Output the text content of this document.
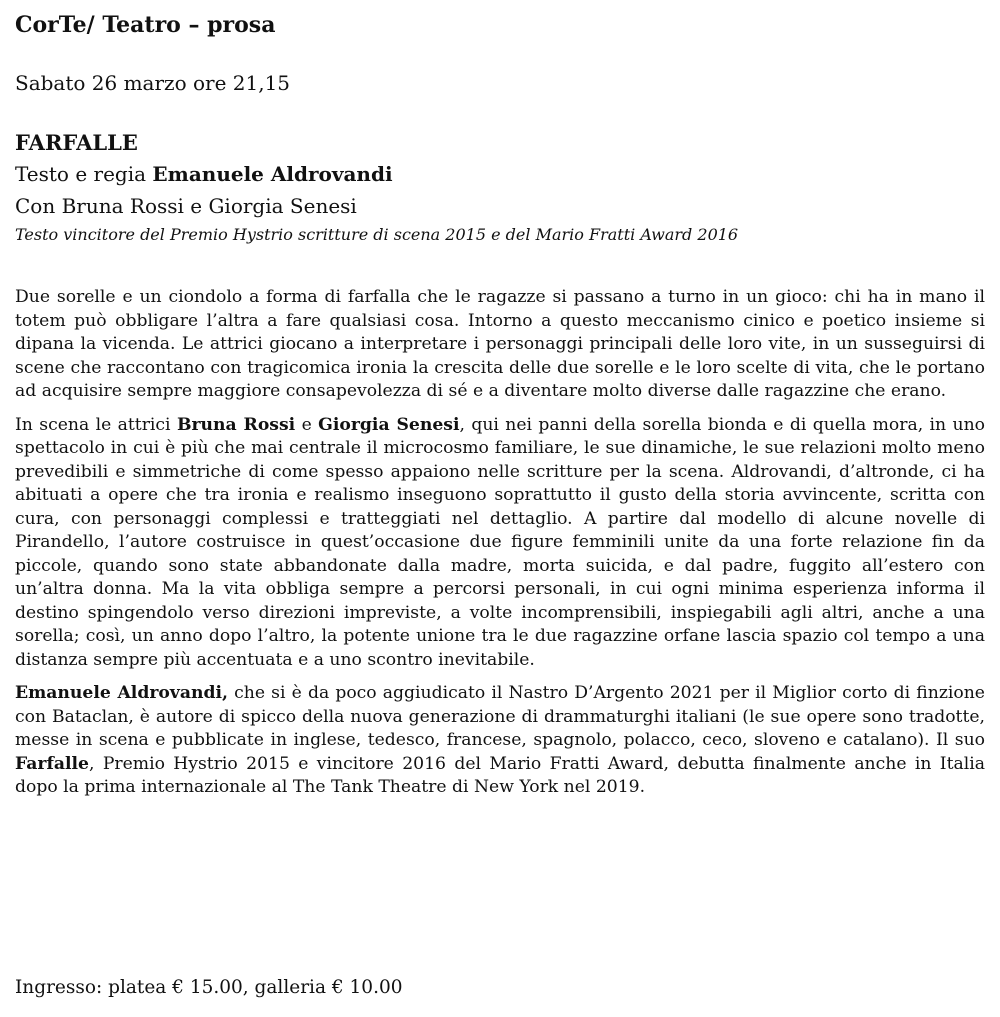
CorTe/ Teatro – prosa
Sabato 26 marzo ore 21,15
FARFALLE
Testo e regia Emanuele Aldrovandi
Con Bruna Rossi e Giorgia Senesi
Testo vincitore del Premio Hystrio scritture di scena 2015 e del Mario Fratti Award 2016

Due sorelle e un ciondolo a forma di farfalla che le ragazze si passano a turno in un gioco: chi ha in mano il totem può obbligare l’altra a fare qualsiasi cosa. Intorno a questo meccanismo cinico e poetico insieme si dipana la vicenda. Le attrici giocano a interpretare i personaggi principali delle loro vite, in un susseguirsi di scene che raccontano con tragicomica ironia la crescita delle due sorelle e le loro scelte di vita, che le portano ad acquisire sempre maggiore consapevolezza di sé e a diventare molto diverse dalle ragazzine che erano.

In scena le attrici Bruna Rossi e Giorgia Senesi, qui nei panni della sorella bionda e di quella mora, in uno spettacolo in cui è più che mai centrale il microcosmo familiare, le sue dinamiche, le sue relazioni molto meno prevedibili e simmetriche di come spesso appaiono nelle scritture per la scena. Aldrovandi, d’altronde, ci ha abituati a opere che tra ironia e realismo inseguono soprattutto il gusto della storia avvincente, scritta con cura, con personaggi complessi e tratteggiati nel dettaglio. A partire dal modello di alcune novelle di Pirandello, l’autore costruisce in quest’occasione due figure femminili unite da una forte relazione fin da piccole, quando sono state abbandonate dalla madre, morta suicida, e dal padre, fuggito all’estero con un’altra donna. Ma la vita obbliga sempre a percorsi personali, in cui ogni minima esperienza informa il destino spingendolo verso direzioni impreviste, a volte incomprensibili, inspiegabili agli altri, anche a una sorella; così, un anno dopo l’altro, la potente unione tra le due ragazzine orfane lascia spazio col tempo a una distanza sempre più accentuata e a uno scontro inevitabile.

Emanuele Aldrovandi, che si è da poco aggiudicato il Nastro D’Argento 2021 per il Miglior corto di finzione con Bataclan, è autore di spicco della nuova generazione di drammaturghi italiani (le sue opere sono tradotte, messe in scena e pubblicate in inglese, tedesco, francese, spagnolo, polacco, ceco, sloveno e catalano). Il suo Farfalle, Premio Hystrio 2015 e vincitore 2016 del Mario Fratti Award, debutta finalmente anche in Italia dopo la prima internazionale al The Tank Theatre di New York nel 2019.

Ingresso: platea € 15.00, galleria € 10.00
